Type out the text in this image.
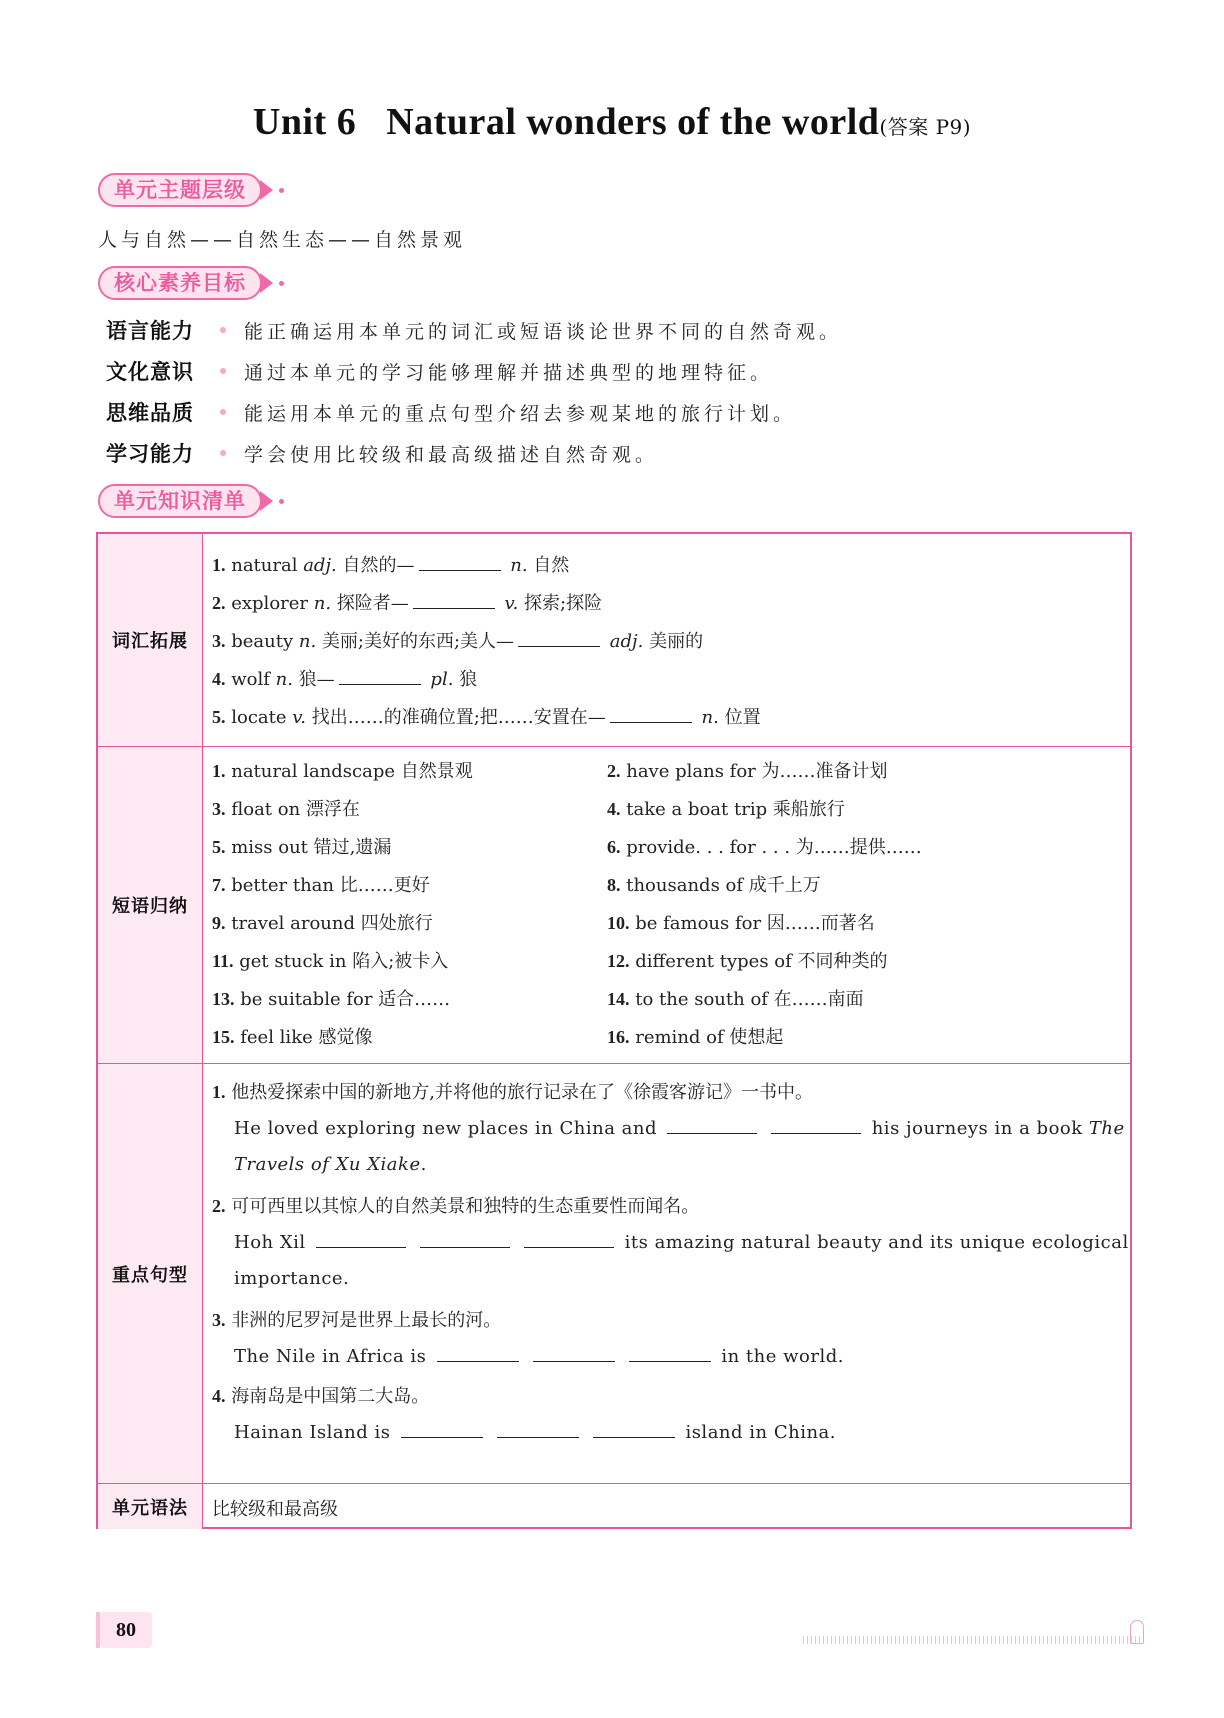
Unit 6 Natural wonders of the world(答案 P9)
单元主题层级
人与自然——自然生态——自然景观
核心素养目标
语言能力	能正确运用本单元的词汇或短语谈论世界不同的自然奇观。
文化意识	通过本单元的学习能够理解并描述典型的地理特征。
思维品质	能运用本单元的重点句型介绍去参观某地的旅行计划。
学习能力	学会使用比较级和最高级描述自然奇观。
单元知识清单
词汇拓展
1. natural adj. 自然的—	n. 自然
2. explorer n. 探险者—	v. 探索;探险
3. beauty n. 美丽;美好的东西;美人—	adj. 美丽的
4. wolf n. 狼—	pl. 狼
5. locate v. 找出……的准确位置;把……安置在—	n. 位置
短语归纳
1. natural landscape 自然景观	2. have plans for 为……准备计划
3. float on 漂浮在	4. take a boat trip 乘船旅行
5. miss out 错过,遗漏	6. provide. . . for . . . 为……提供……
7. better than 比……更好	8. thousands of 成千上万
9. travel around 四处旅行	10. be famous for 因……而著名
11. get stuck in 陷入;被卡入	12. different types of 不同种类的
13. be suitable for 适合……	14. to the south of 在……南面
15. feel like 感觉像	16. remind of 使想起
重点句型
1. 他热爱探索中国的新地方,并将他的旅行记录在了《徐霞客游记》一书中。
He loved exploring new places in China and	his journeys in a book The
Travels of Xu Xiake.
2. 可可西里以其惊人的自然美景和独特的生态重要性而闻名。
Hoh Xil	its amazing natural beauty and its unique ecological
importance.
3. 非洲的尼罗河是世界上最长的河。
The Nile in Africa is	in the world.
4. 海南岛是中国第二大岛。
Hainan Island is	island in China.
单元语法	比较级和最高级
80
